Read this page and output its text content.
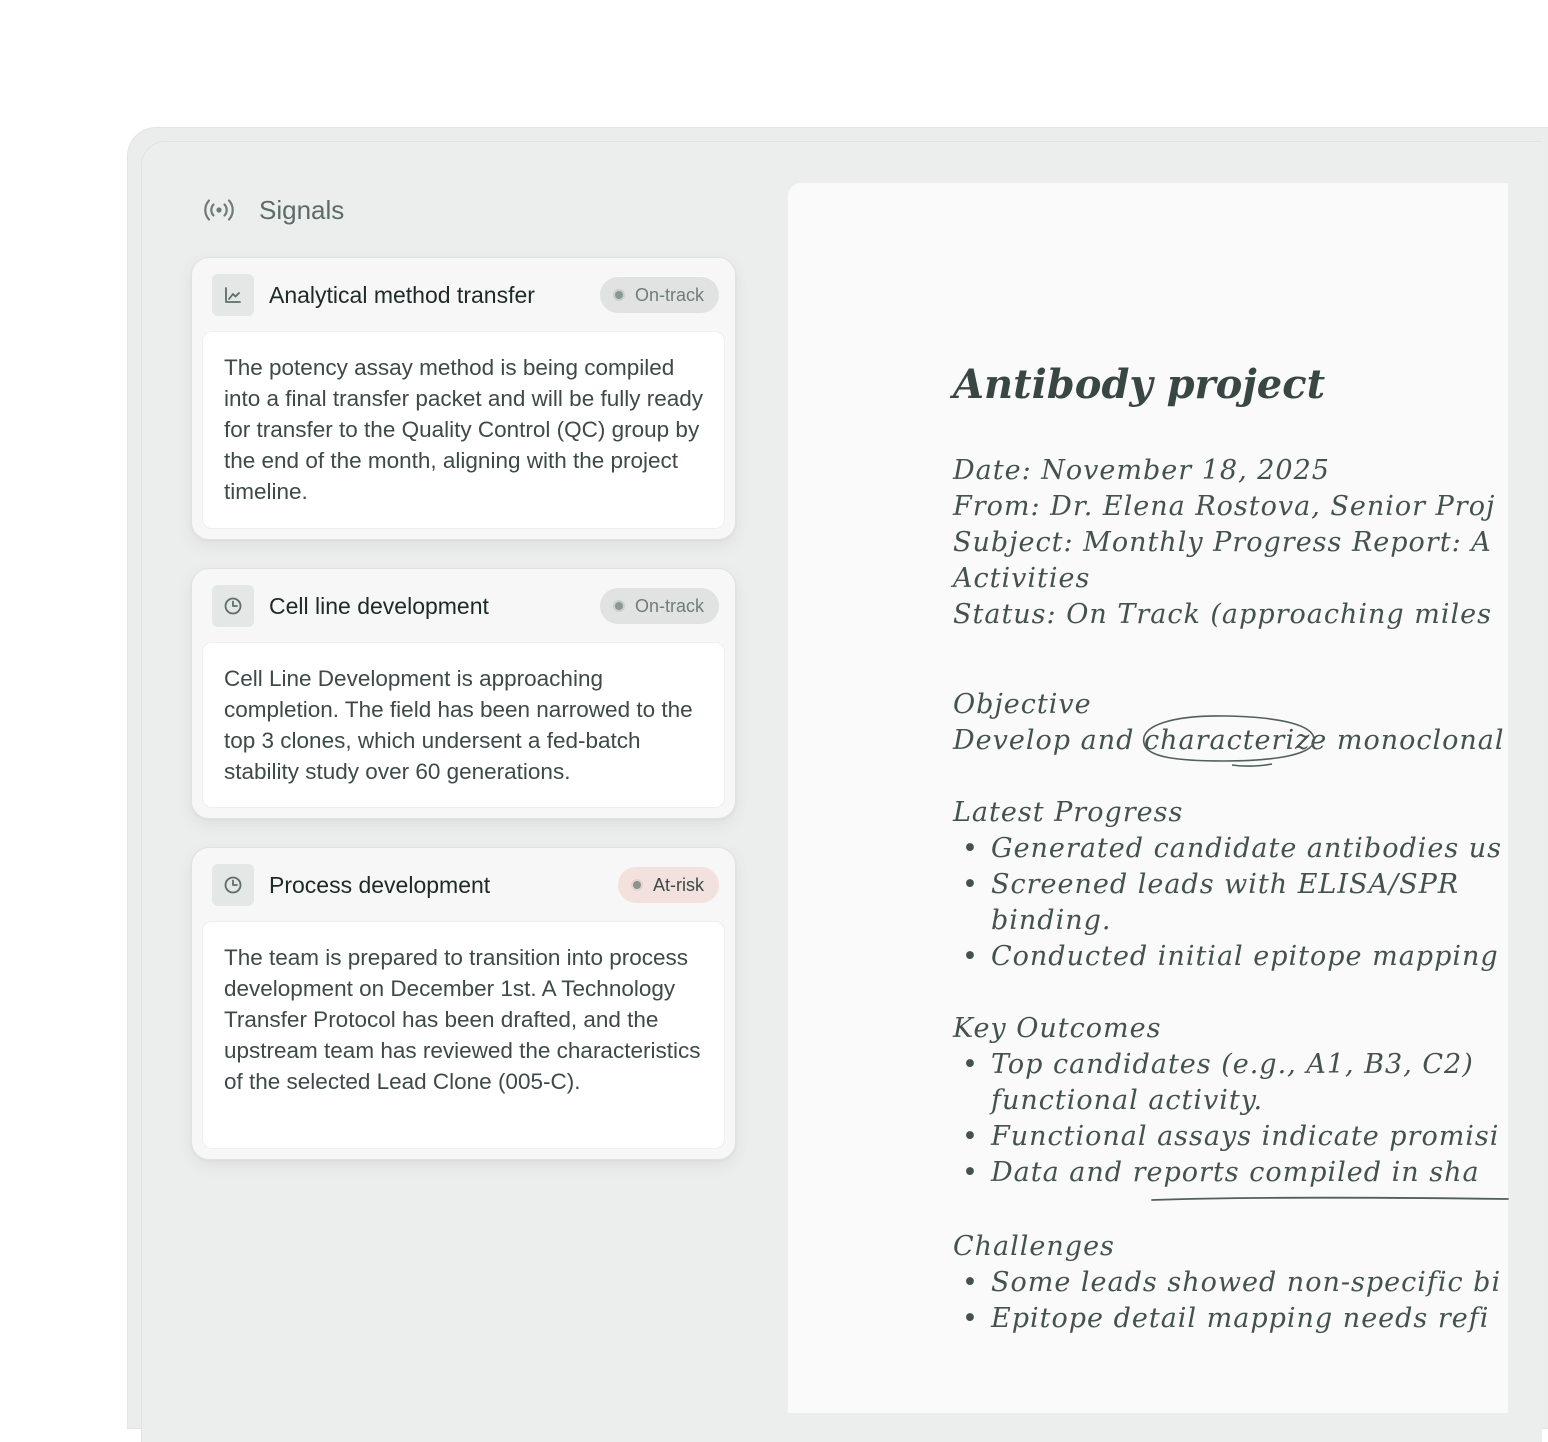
Signals
Analytical method transfer	On-track
The potency assay method is being compiled into a final transfer packet and will be fully ready for transfer to the Quality Control (QC) group by the end of the month, aligning with the project timeline.
Cell line development	On-track
Cell Line Development is approaching completion. The field has been narrowed to the top 3 clones, which undersent a fed-batch stability study over 60 generations.
Process development	At-risk
The team is prepared to transition into process development on December 1st. A Technology Transfer Protocol has been drafted, and the upstream team has reviewed the characteristics of the selected Lead Clone (005-C).
Antibody project
Date: November 18, 2025
From: Dr. Elena Rostova, Senior Proj
Subject: Monthly Progress Report: A
Activities
Status: On Track (approaching miles
Objective
Develop and characterize monoclonal
Latest Progress
• Generated candidate antibodies us
• Screened leads with ELISA/SPR
binding.
• Conducted initial epitope mapping
Key Outcomes
• Top candidates (e.g., A1, B3, C2)
functional activity.
• Functional assays indicate promisi
• Data and reports compiled in sha
Challenges
• Some leads showed non-specific bi
• Epitope detail mapping needs refi
